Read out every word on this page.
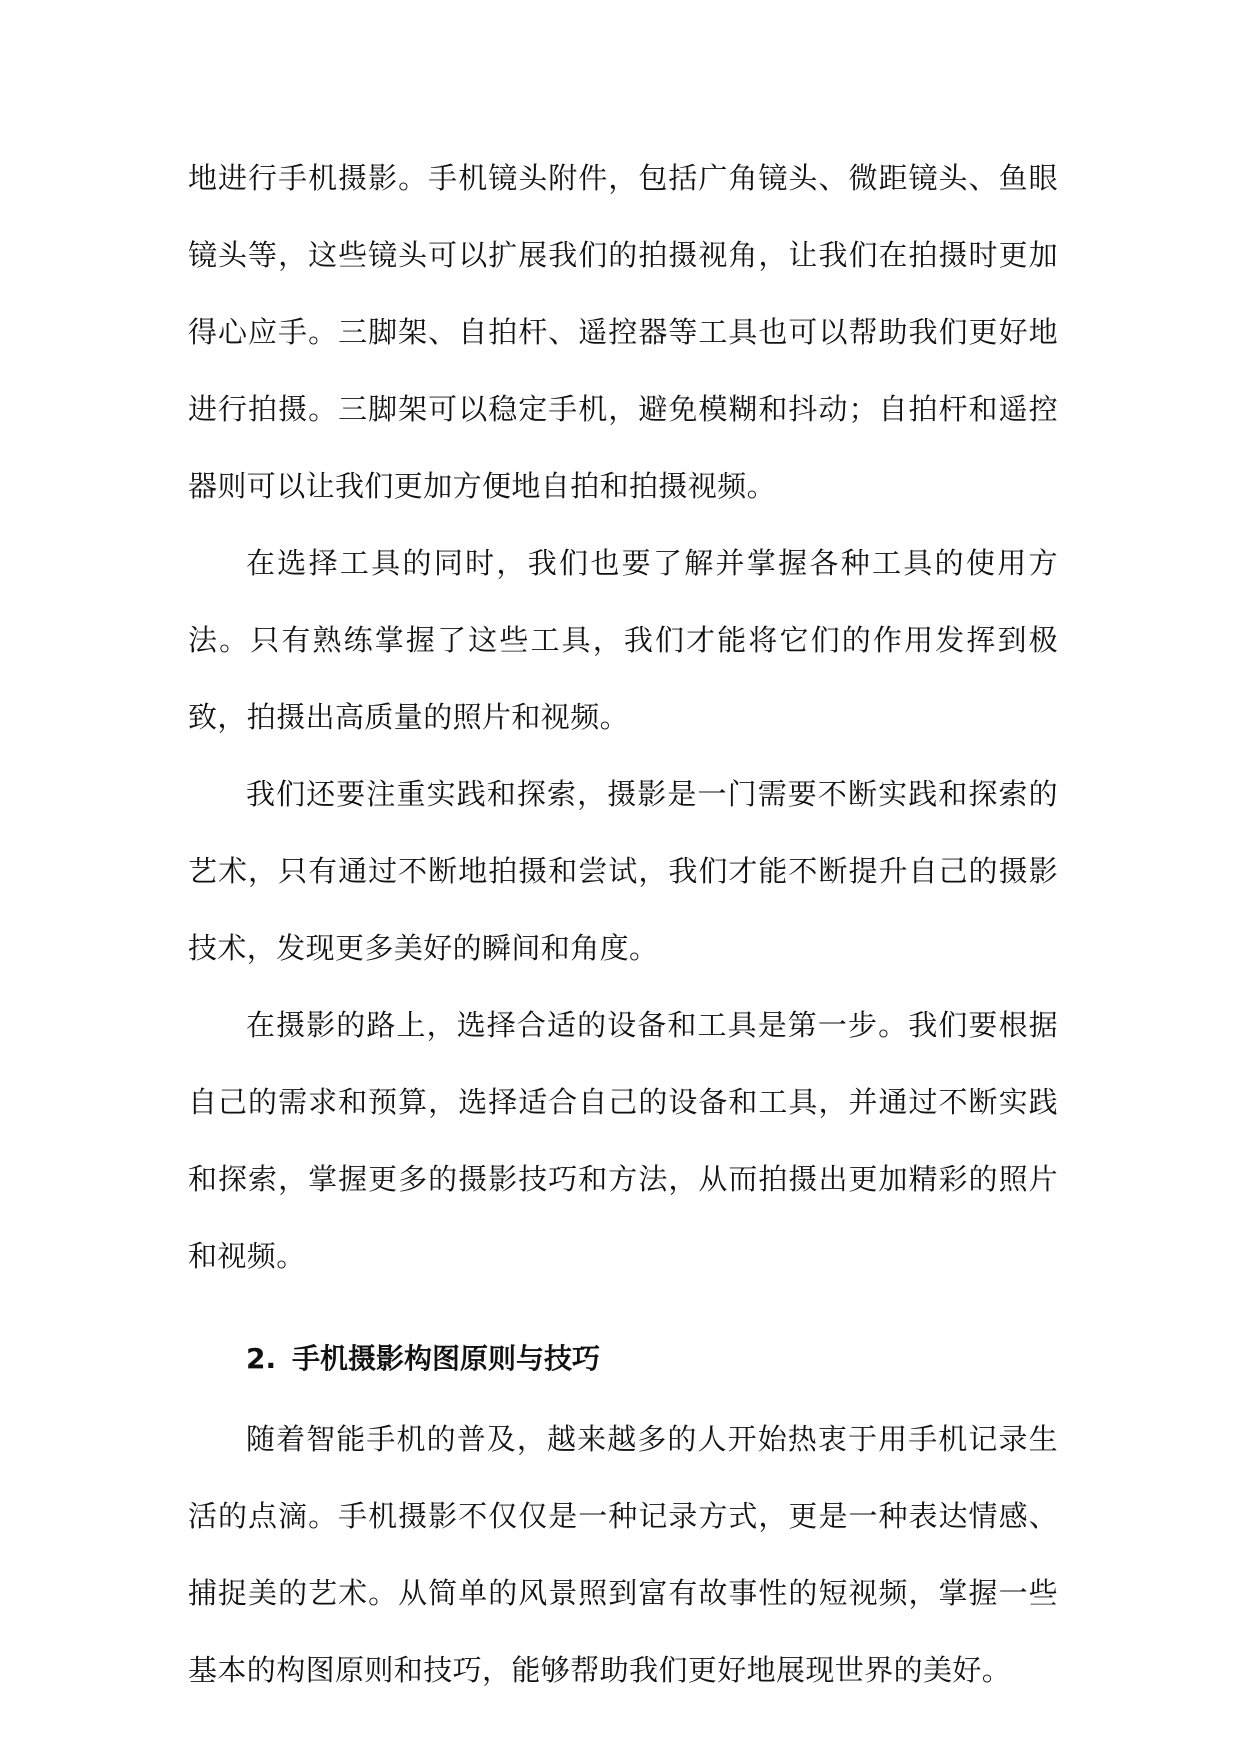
地进行手机摄影。手机镜头附件，包括广角镜头、微距镜头、鱼眼镜头等，这些镜头可以扩展我们的拍摄视角，让我们在拍摄时更加得心应手。三脚架、自拍杆、遥控器等工具也可以帮助我们更好地进行拍摄。三脚架可以稳定手机，避免模糊和抖动；自拍杆和遥控器则可以让我们更加方便地自拍和拍摄视频。

在选择工具的同时，我们也要了解并掌握各种工具的使用方法。只有熟练掌握了这些工具，我们才能将它们的作用发挥到极致，拍摄出高质量的照片和视频。

我们还要注重实践和探索，摄影是一门需要不断实践和探索的艺术，只有通过不断地拍摄和尝试，我们才能不断提升自己的摄影技术，发现更多美好的瞬间和角度。

在摄影的路上，选择合适的设备和工具是第一步。我们要根据自己的需求和预算，选择适合自己的设备和工具，并通过不断实践和探索，掌握更多的摄影技巧和方法，从而拍摄出更加精彩的照片和视频。

2. 手机摄影构图原则与技巧

随着智能手机的普及，越来越多的人开始热衷于用手机记录生活的点滴。手机摄影不仅仅是一种记录方式，更是一种表达情感、捕捉美的艺术。从简单的风景照到富有故事性的短视频，掌握一些基本的构图原则和技巧，能够帮助我们更好地展现世界的美好。
